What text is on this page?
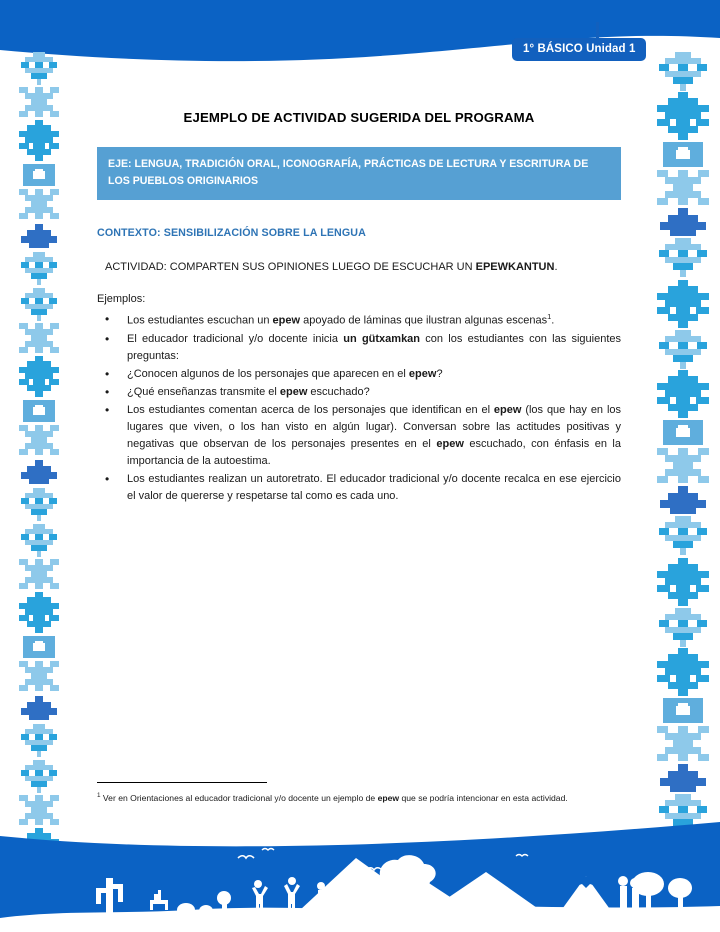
1° BÁSICO Unidad 1
EJEMPLO DE ACTIVIDAD SUGERIDA DEL PROGRAMA
EJE: LENGUA, TRADICIÓN ORAL, ICONOGRAFÍA, PRÁCTICAS DE LECTURA Y ESCRITURA DE LOS PUEBLOS ORIGINARIOS
CONTEXTO: SENSIBILIZACIÓN SOBRE LA LENGUA
ACTIVIDAD: COMPARTEN SUS OPINIONES LUEGO DE ESCUCHAR UN EPEWKANTUN.
Ejemplos:
• Los estudiantes escuchan un epew apoyado de láminas que ilustran algunas escenas$^1$.
• El educador tradicional y/o docente inicia un gütxamkan con los estudiantes con las siguientes preguntas:
• ¿Conocen algunos de los personajes que aparecen en el epew?
• ¿Qué enseñanzas transmite el epew escuchado?
• Los estudiantes comentan acerca de los personajes que identifican en el epew (los que hay en los lugares que viven, o los han visto en algún lugar). Conversan sobre las actitudes positivas y negativas que observan de los personajes presentes en el epew escuchado, con énfasis en la importancia de la autoestima.
• Los estudiantes realizan un autoretrato. El educador tradicional y/o docente recalca en ese ejercicio el valor de quererse y respetarse tal como es cada uno.
$^1$ Ver en Orientaciones al educador tradicional y/o docente un ejemplo de epew que se podría intencionar en esta actividad.
